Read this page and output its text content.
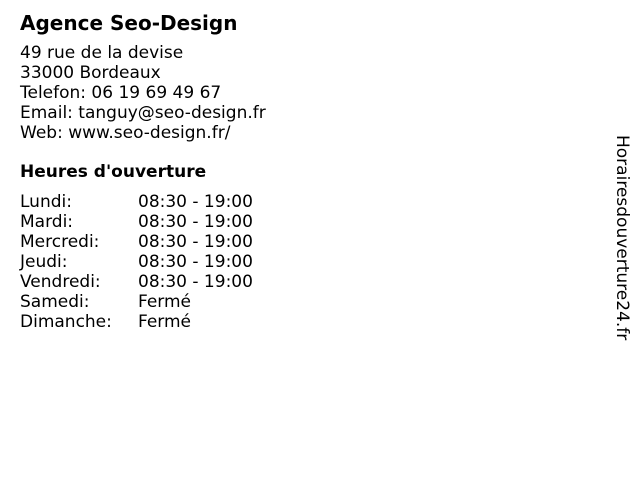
Agence Seo-Design
49 rue de la devise
33000 Bordeaux
Telefon: 06 19 69 49 67
Email: tanguy@seo-design.fr
Web: www.seo-design.fr/
Heures d'ouverture
Lundi:	08:30 - 19:00
Mardi:	08:30 - 19:00
Mercredi: 08:30 - 19:00
Jeudi:	08:30 - 19:00
Vendredi: 08:30 - 19:00
Samedi:	Fermé
Dimanche: Fermé	Horairesdouverture24.fr
